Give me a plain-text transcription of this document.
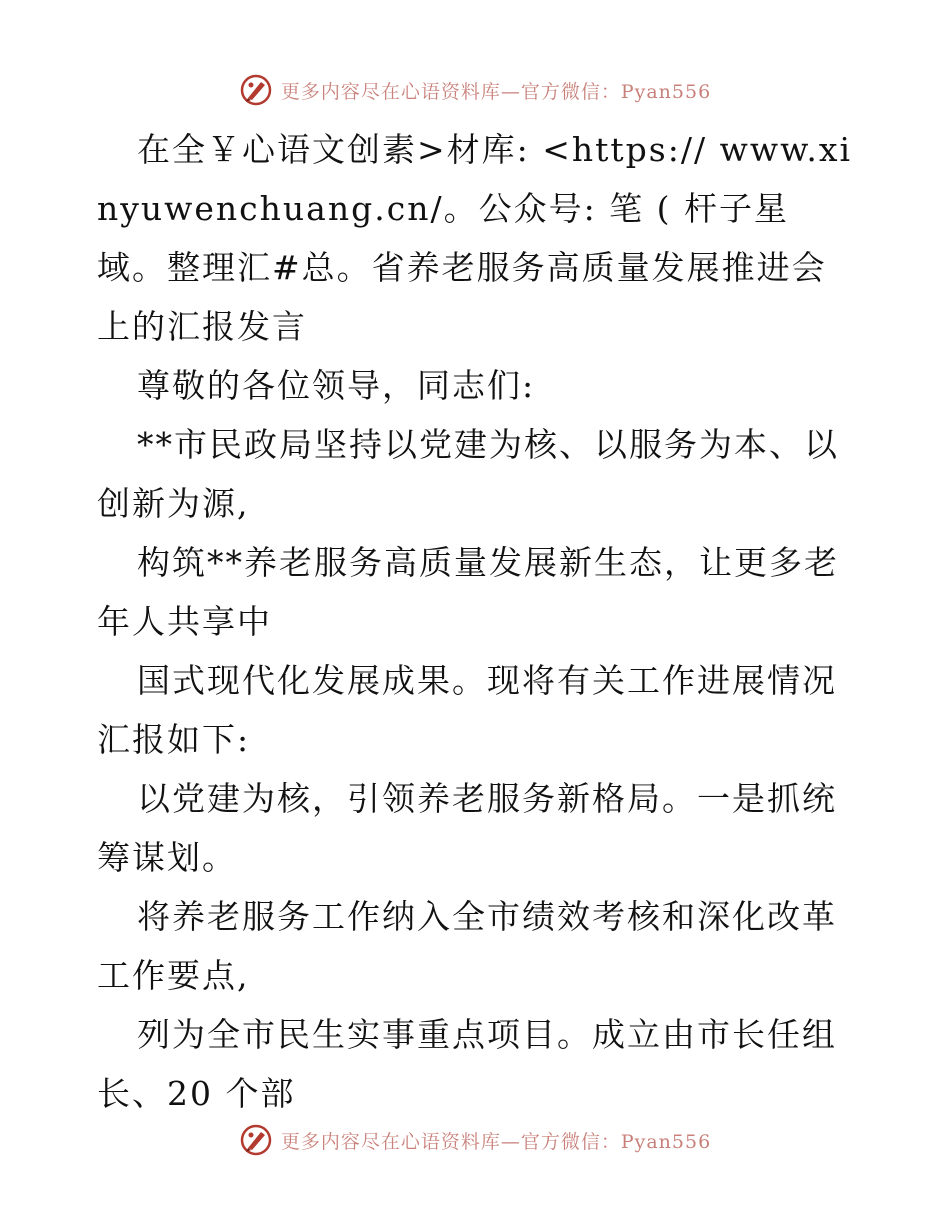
更多内容尽在心语资料库—官方微信：Pyan556

在全￥心语文创素>材库: <https:// www.xinyuwenchuang.cn/。公众号: 笔 ( 杆子星域。整理汇#总。省养老服务高质量发展推进会上的汇报发言

尊敬的各位领导，同志们:

**市民政局坚持以党建为核、以服务为本、以创新为源,

构筑**养老服务高质量发展新生态，让更多老年人共享中

国式现代化发展成果。现将有关工作进展情况汇报如下:

以党建为核，引领养老服务新格局。一是抓统筹谋划。

将养老服务工作纳入全市绩效考核和深化改革工作要点,

列为全市民生实事重点项目。成立由市长任组长、20 个部

更多内容尽在心语资料库—官方微信：Pyan556
